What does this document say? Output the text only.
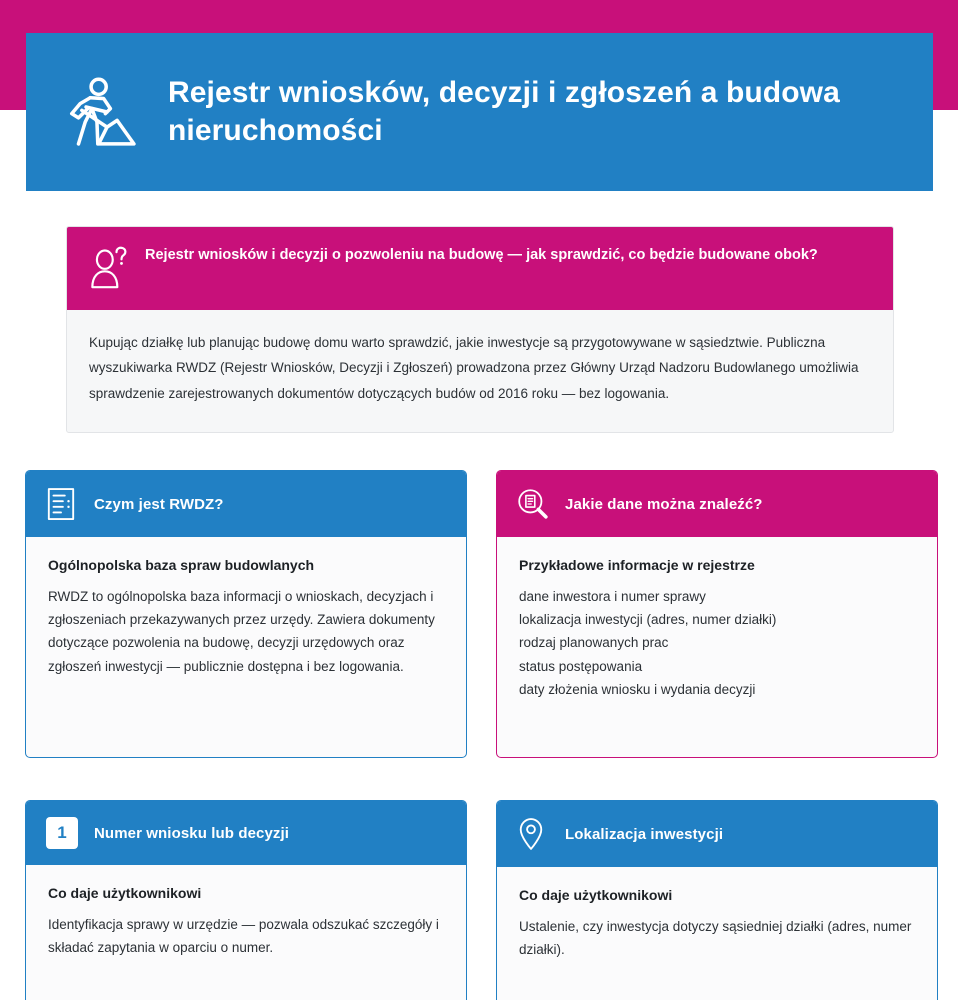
Rejestr wniosków, decyzji i zgłoszeń a budowa nieruchomości
Rejestr wniosków i decyzji o pozwoleniu na budowę — jak sprawdzić, co będzie budowane obok?
Kupując działkę lub planując budowę domu warto sprawdzić, jakie inwestycje są przygotowywane w sąsiedztwie. Publiczna wyszukiwarka RWDZ (Rejestr Wniosków, Decyzji i Zgłoszeń) prowadzona przez Główny Urząd Nadzoru Budowlanego umożliwia sprawdzenie zarejestrowanych dokumentów dotyczących budów od 2016 roku — bez logowania.
Czym jest RWDZ?
Ogólnopolska baza spraw budowlanych
RWDZ to ogólnopolska baza informacji o wnioskach, decyzjach i zgłoszeniach przekazywanych przez urzędy. Zawiera dokumenty dotyczące pozwolenia na budowę, decyzji urzędowych oraz zgłoszeń inwestycji — publicznie dostępna i bez logowania.
Jakie dane można znaleźć?
Przykładowe informacje w rejestrze
dane inwestora i numer sprawy
lokalizacja inwestycji (adres, numer działki)
rodzaj planowanych prac
status postępowania
daty złożenia wniosku i wydania decyzji
1	Numer wniosku lub decyzji
Co daje użytkownikowi
Identyfikacja sprawy w urzędzie — pozwala odszukać szczegóły i składać zapytania w oparciu o numer.
Lokalizacja inwestycji
Co daje użytkownikowi
Ustalenie, czy inwestycja dotyczy sąsiedniej działki (adres, numer działki).
